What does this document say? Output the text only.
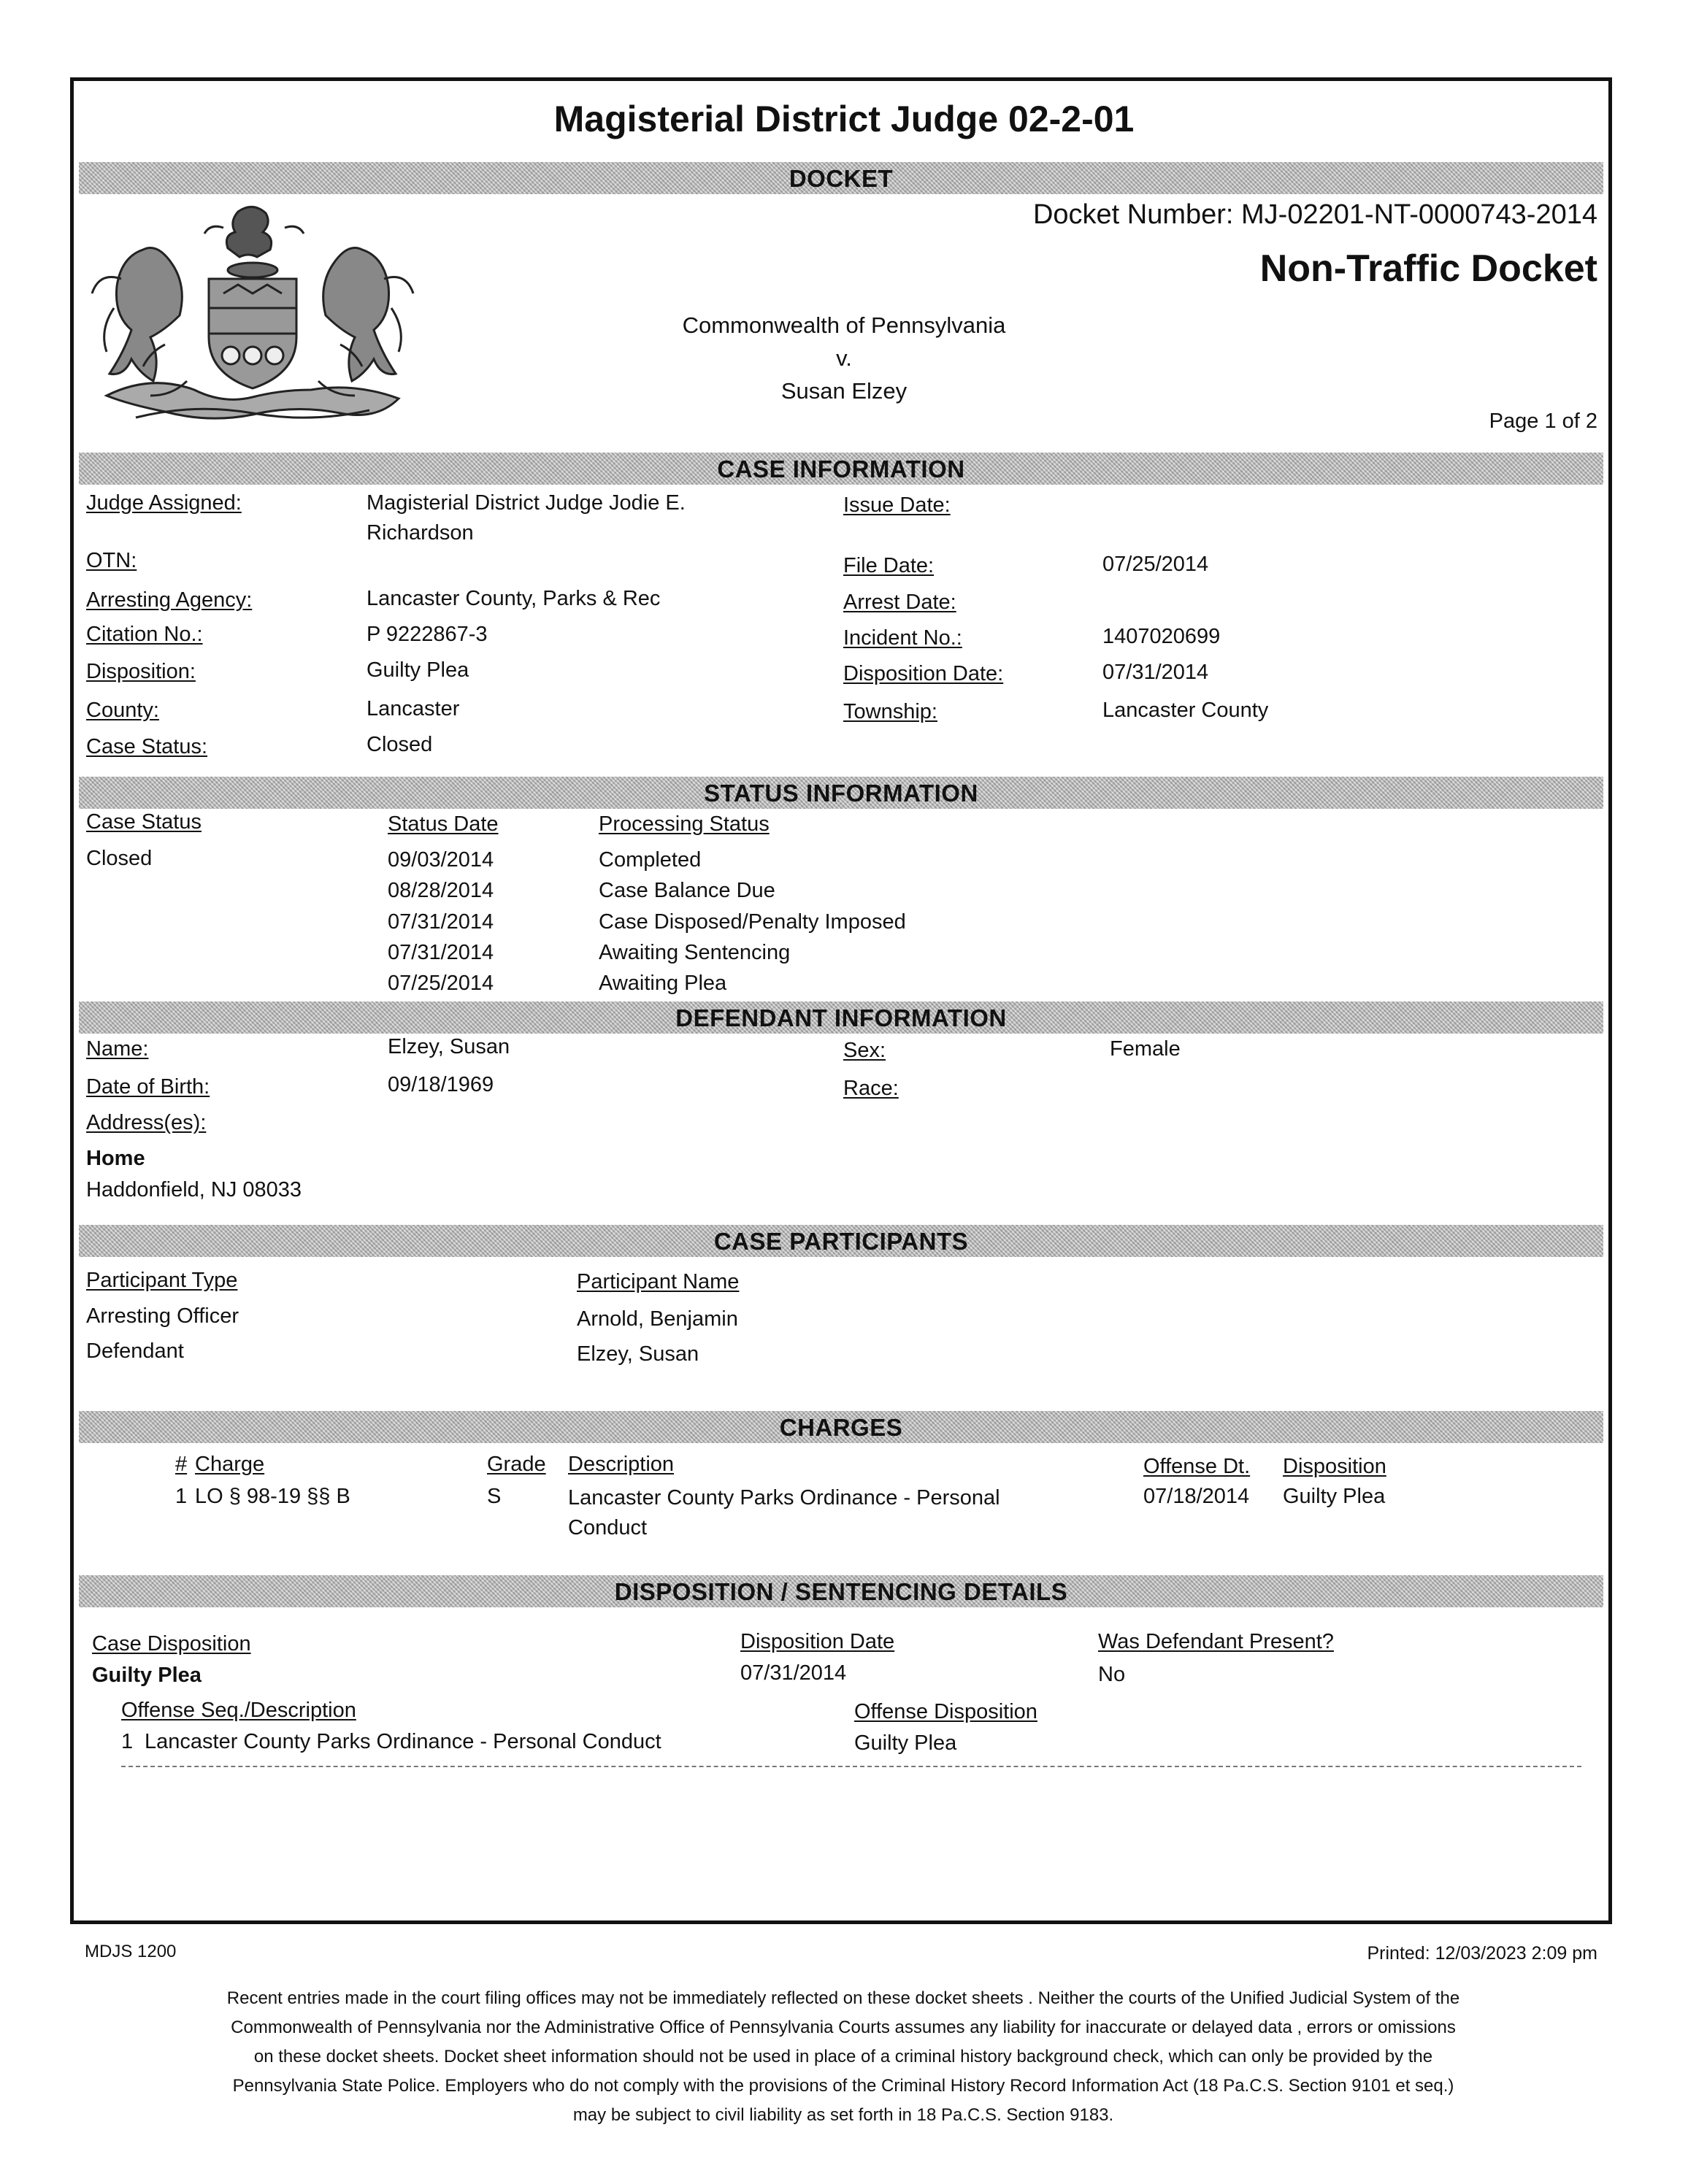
Magisterial District Judge 02-2-01
DOCKET
Docket Number: MJ-02201-NT-0000743-2014
Non-Traffic Docket
Commonwealth of Pennsylvania
v.
Susan Elzey
Page 1 of 2
CASE INFORMATION
Judge Assigned:	Magisterial District Judge Jodie E.
Richardson
Issue Date:
OTN:	File Date:	07/25/2014
Arresting Agency:	Lancaster County, Parks & Rec	Arrest Date:
Citation No.:	P 9222867-3	Incident No.:	1407020699
Disposition:	Guilty Plea	Disposition Date:	07/31/2014
County:	Lancaster	Township:	Lancaster County
Case Status:	Closed
STATUS INFORMATION
Case Status	Status Date	Processing Status
Closed	09/03/2014	Completed
08/28/2014	Case Balance Due
07/31/2014	Case Disposed/Penalty Imposed
07/31/2014	Awaiting Sentencing
07/25/2014	Awaiting Plea
DEFENDANT INFORMATION
Name:	Elzey, Susan	Sex:	Female
Date of Birth:	09/18/1969	Race:
Address(es):
Home
Haddonfield, NJ 08033
CASE PARTICIPANTS
Participant Type	Participant Name
Arresting Officer	Arnold, Benjamin
Defendant	Elzey, Susan
CHARGES
# Charge	Grade Description	Offense Dt. Disposition
1 LO § 98-19 §§ B	S	Lancaster County Parks Ordinance - Personal
Conduct
07/18/2014 Guilty Plea
DISPOSITION / SENTENCING DETAILS
Case Disposition
Guilty Plea
Disposition Date
07/31/2014
Was Defendant Present?
No
Offense Seq./Description	Offense Disposition
1 Lancaster County Parks Ordinance - Personal Conduct	Guilty Plea
MDJS 1200	Printed: 12/03/2023 2:09 pm
Recent entries made in the court filing offices may not be immediately reflected on these docket sheets . Neither the courts of the Unified Judicial System of the
Commonwealth of Pennsylvania nor the Administrative Office of Pennsylvania Courts assumes any liability for inaccurate or delayed data , errors or omissions
on these docket sheets. Docket sheet information should not be used in place of a criminal history background check, which can only be provided by the
Pennsylvania State Police. Employers who do not comply with the provisions of the Criminal History Record Information Act (18 Pa.C.S. Section 9101 et seq.)
may be subject to civil liability as set forth in 18 Pa.C.S. Section 9183.
